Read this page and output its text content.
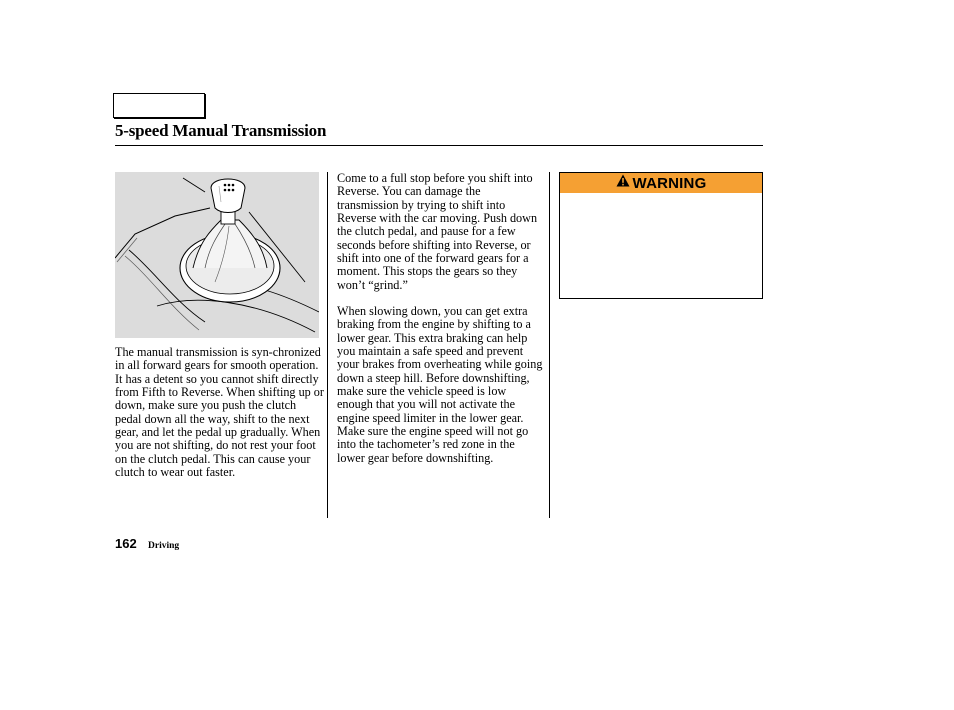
5-speed Manual Transmission

The manual transmission is syn-chronized in all forward gears for smooth operation. It has a detent so you cannot shift directly from Fifth to Reverse. When shifting up or down, make sure you push the clutch pedal down all the way, shift to the next gear, and let the pedal up gradually. When you are not shifting, do not rest your foot on the clutch pedal. This can cause your clutch to wear out faster.

Come to a full stop before you shift into Reverse. You can damage the transmission by trying to shift into Reverse with the car moving. Push down the clutch pedal, and pause for a few seconds before shifting into Reverse, or shift into one of the forward gears for a moment. This stops the gears so they won’t “grind.”

When slowing down, you can get extra braking from the engine by shifting to a lower gear. This extra braking can help you maintain a safe speed and prevent your brakes from overheating while going down a steep hill. Before downshifting, make sure the vehicle speed is low enough that you will not activate the engine speed limiter in the lower gear. Make sure the engine speed will not go into the tachometer’s red zone in the lower gear before downshifting.

WARNING
162 Driving
